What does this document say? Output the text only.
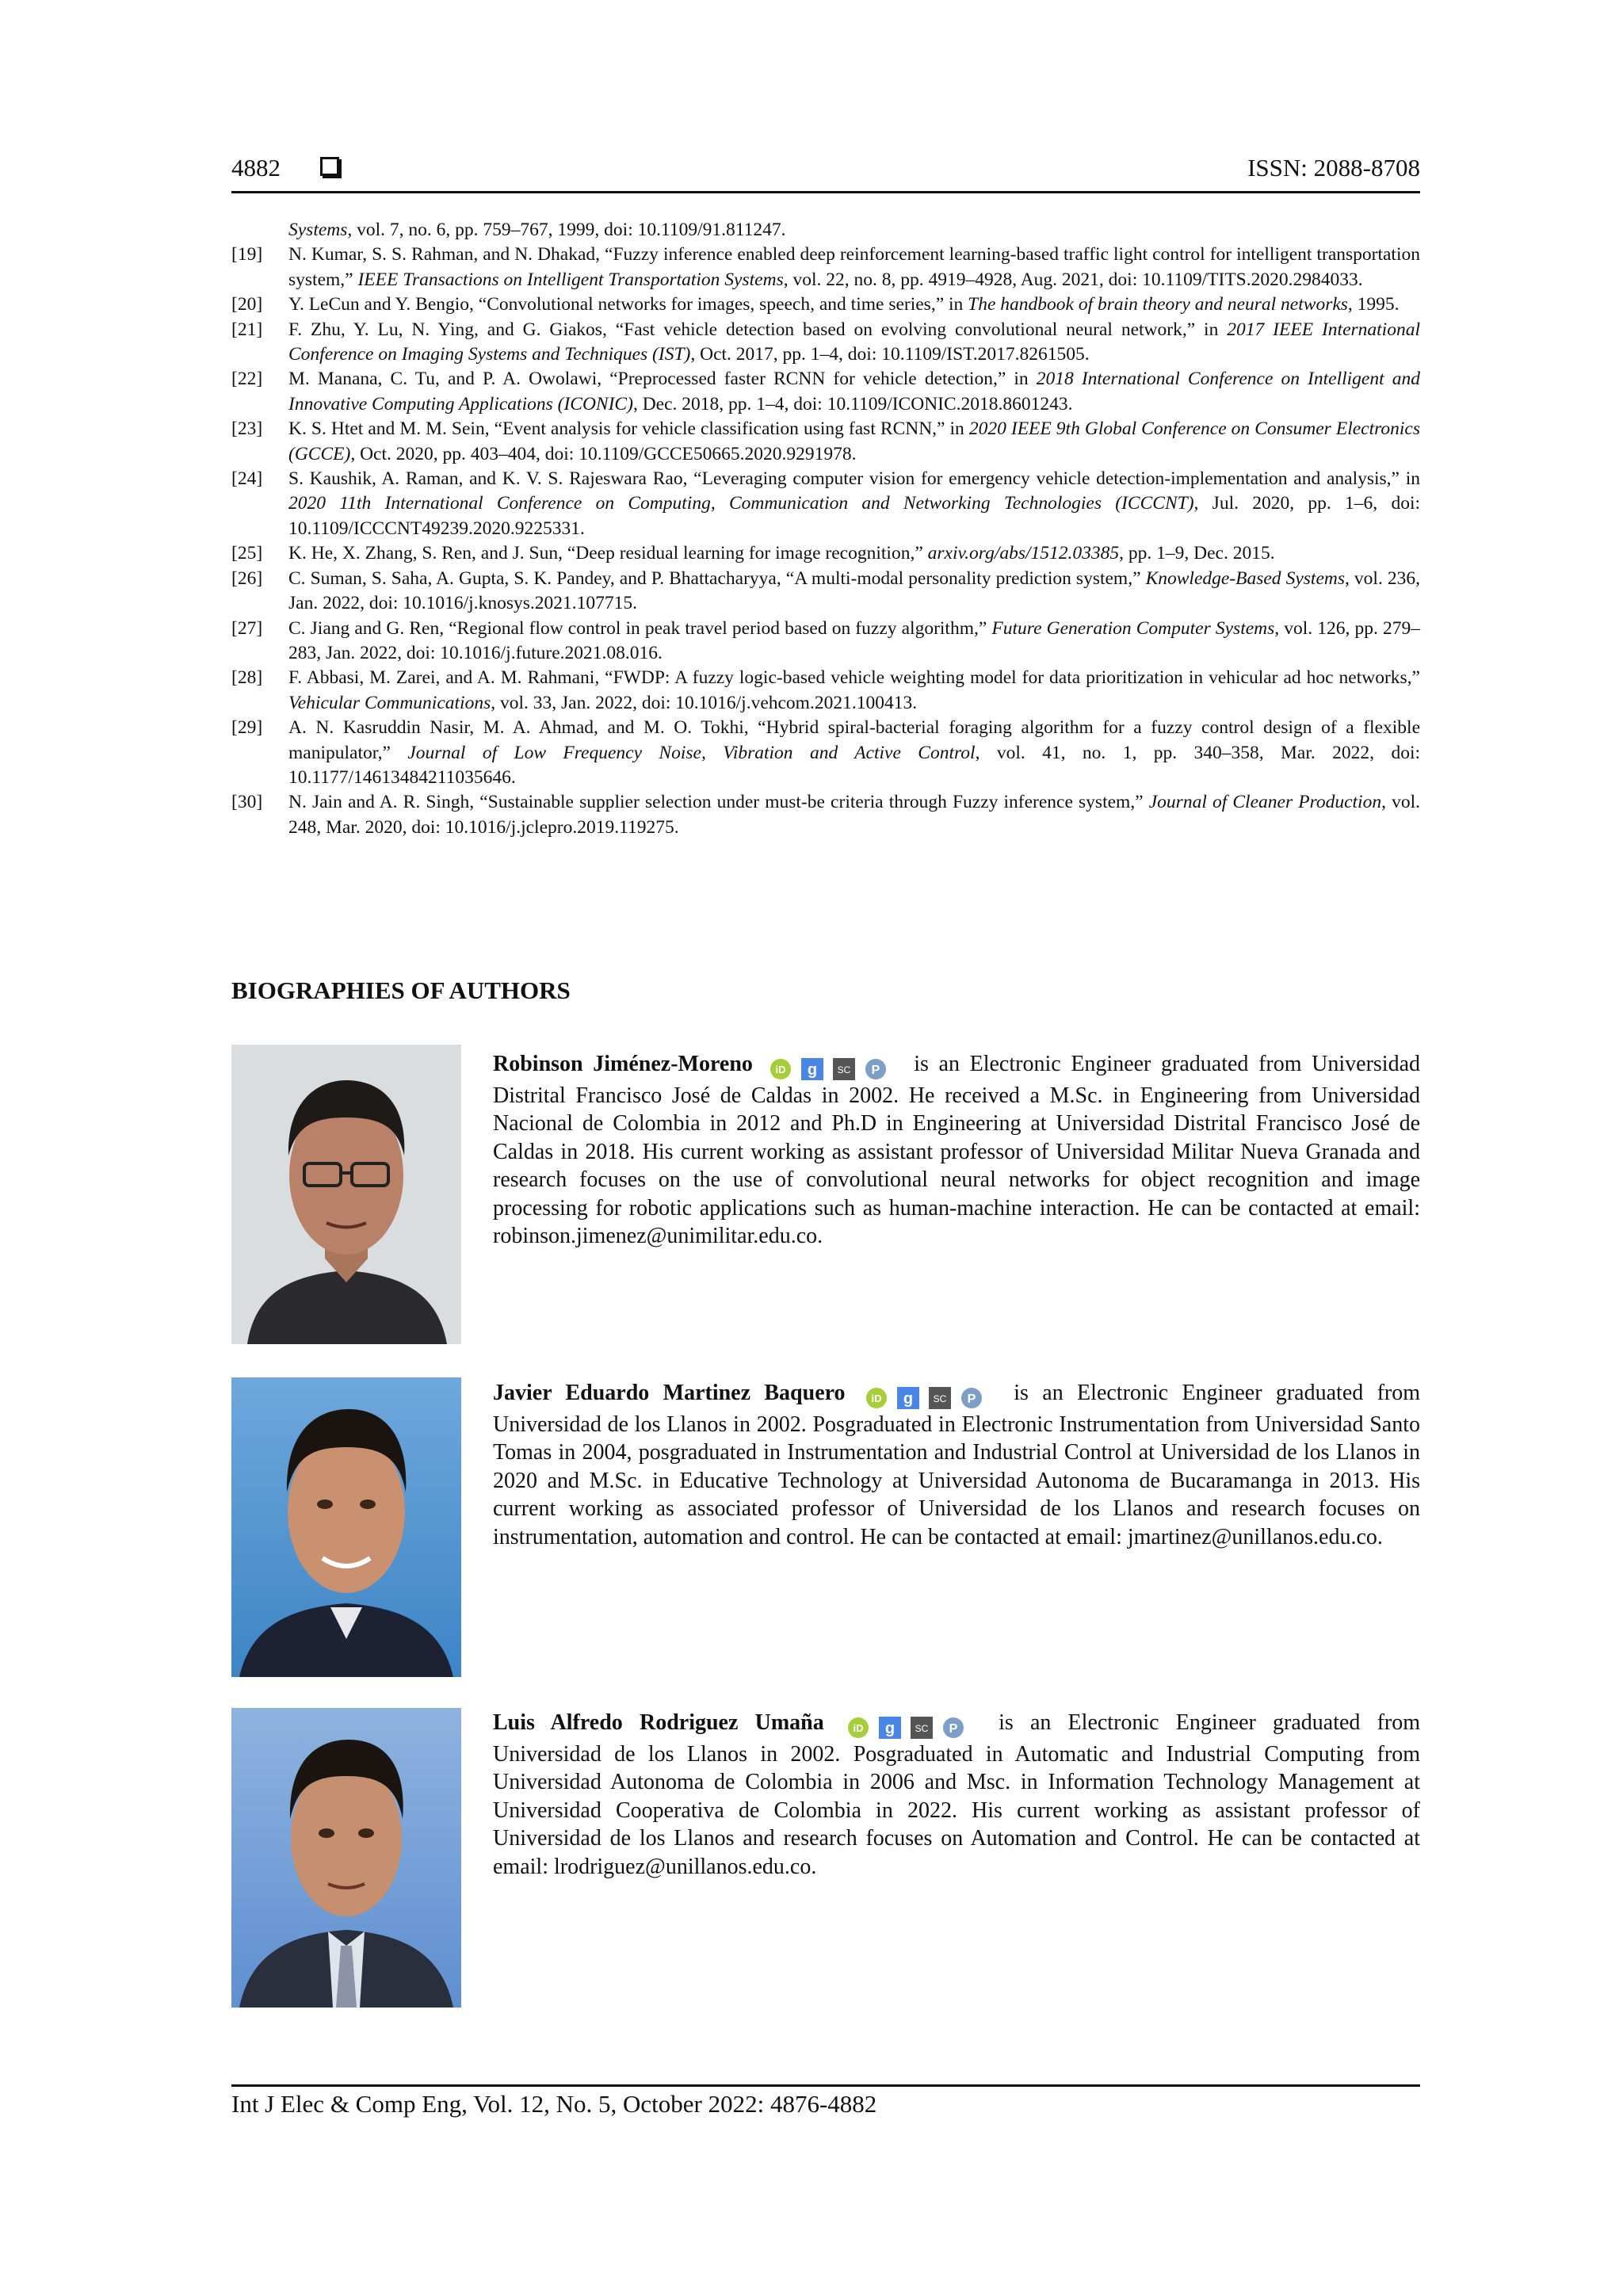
4882	ISSN: 2088-8708
Systems, vol. 7, no. 6, pp. 759–767, 1999, doi: 10.1109/91.811247.
[19]	N. Kumar, S. S. Rahman, and N. Dhakad, “Fuzzy inference enabled deep reinforcement learning-based traffic light control for intelligent transportation system,” IEEE Transactions on Intelligent Transportation Systems, vol. 22, no. 8, pp. 4919–4928, Aug. 2021, doi: 10.1109/TITS.2020.2984033.
[20]	Y. LeCun and Y. Bengio, “Convolutional networks for images, speech, and time series,” in The handbook of brain theory and neural networks, 1995.
[21]	F. Zhu, Y. Lu, N. Ying, and G. Giakos, “Fast vehicle detection based on evolving convolutional neural network,” in 2017 IEEE International Conference on Imaging Systems and Techniques (IST), Oct. 2017, pp. 1–4, doi: 10.1109/IST.2017.8261505.
[22]	M. Manana, C. Tu, and P. A. Owolawi, “Preprocessed faster RCNN for vehicle detection,” in 2018 International Conference on Intelligent and Innovative Computing Applications (ICONIC), Dec. 2018, pp. 1–4, doi: 10.1109/ICONIC.2018.8601243.
[23]	K. S. Htet and M. M. Sein, “Event analysis for vehicle classification using fast RCNN,” in 2020 IEEE 9th Global Conference on Consumer Electronics (GCCE), Oct. 2020, pp. 403–404, doi: 10.1109/GCCE50665.2020.9291978.
[24]	S. Kaushik, A. Raman, and K. V. S. Rajeswara Rao, “Leveraging computer vision for emergency vehicle detection-implementation and analysis,” in 2020 11th International Conference on Computing, Communication and Networking Technologies (ICCCNT), Jul. 2020, pp. 1–6, doi: 10.1109/ICCCNT49239.2020.9225331.
[25]	K. He, X. Zhang, S. Ren, and J. Sun, “Deep residual learning for image recognition,” arxiv.org/abs/1512.03385, pp. 1–9, Dec. 2015.
[26]	C. Suman, S. Saha, A. Gupta, S. K. Pandey, and P. Bhattacharyya, “A multi-modal personality prediction system,” Knowledge-Based Systems, vol. 236, Jan. 2022, doi: 10.1016/j.knosys.2021.107715.
[27]	C. Jiang and G. Ren, “Regional flow control in peak travel period based on fuzzy algorithm,” Future Generation Computer Systems, vol. 126, pp. 279–283, Jan. 2022, doi: 10.1016/j.future.2021.08.016.
[28]	F. Abbasi, M. Zarei, and A. M. Rahmani, “FWDP: A fuzzy logic-based vehicle weighting model for data prioritization in vehicular ad hoc networks,” Vehicular Communications, vol. 33, Jan. 2022, doi: 10.1016/j.vehcom.2021.100413.
[29]	A. N. Kasruddin Nasir, M. A. Ahmad, and M. O. Tokhi, “Hybrid spiral-bacterial foraging algorithm for a fuzzy control design of a flexible manipulator,” Journal of Low Frequency Noise, Vibration and Active Control, vol. 41, no. 1, pp. 340–358, Mar. 2022, doi: 10.1177/14613484211035646.
[30]	N. Jain and A. R. Singh, “Sustainable supplier selection under must-be criteria through Fuzzy inference system,” Journal of Cleaner Production, vol. 248, Mar. 2020, doi: 10.1016/j.jclepro.2019.119275.
BIOGRAPHIES OF AUTHORS
Robinson Jiménez-Moreno iD g SC P is an Electronic Engineer graduated from Universidad Distrital Francisco José de Caldas in 2002. He received a M.Sc. in Engineering from Universidad Nacional de Colombia in 2012 and Ph.D in Engineering at Universidad Distrital Francisco José de Caldas in 2018. His current working as assistant professor of Universidad Militar Nueva Granada and research focuses on the use of convolutional neural networks for object recognition and image processing for robotic applications such as human-machine interaction. He can be contacted at email: robinson.jimenez@unimilitar.edu.co.
Javier Eduardo Martinez Baquero	iD g SC P is an Electronic Engineer graduated from Universidad de los Llanos in 2002. Posgraduated in Electronic Instrumentation from Universidad Santo Tomas in 2004, posgraduated in Instrumentation and Industrial Control at Universidad de los Llanos in 2020 and M.Sc. in Educative Technology at Universidad Autonoma de Bucaramanga in 2013. His current working as associated professor of Universidad de los Llanos and research focuses on instrumentation, automation and control. He can be contacted at email: jmartinez@unillanos.edu.co.
Luis Alfredo Rodriguez Umaña	iD g SC P is an Electronic Engineer graduated from Universidad de los Llanos in 2002. Posgraduated in Automatic and Industrial Computing from Universidad Autonoma de Colombia in 2006 and Msc. in Information Technology Management at Universidad Cooperativa de Colombia in 2022. His current working as assistant professor of Universidad de los Llanos and research focuses on Automation and Control. He can be contacted at email: lrodriguez@unillanos.edu.co.
Int J Elec & Comp Eng, Vol. 12, No. 5, October 2022: 4876-4882
